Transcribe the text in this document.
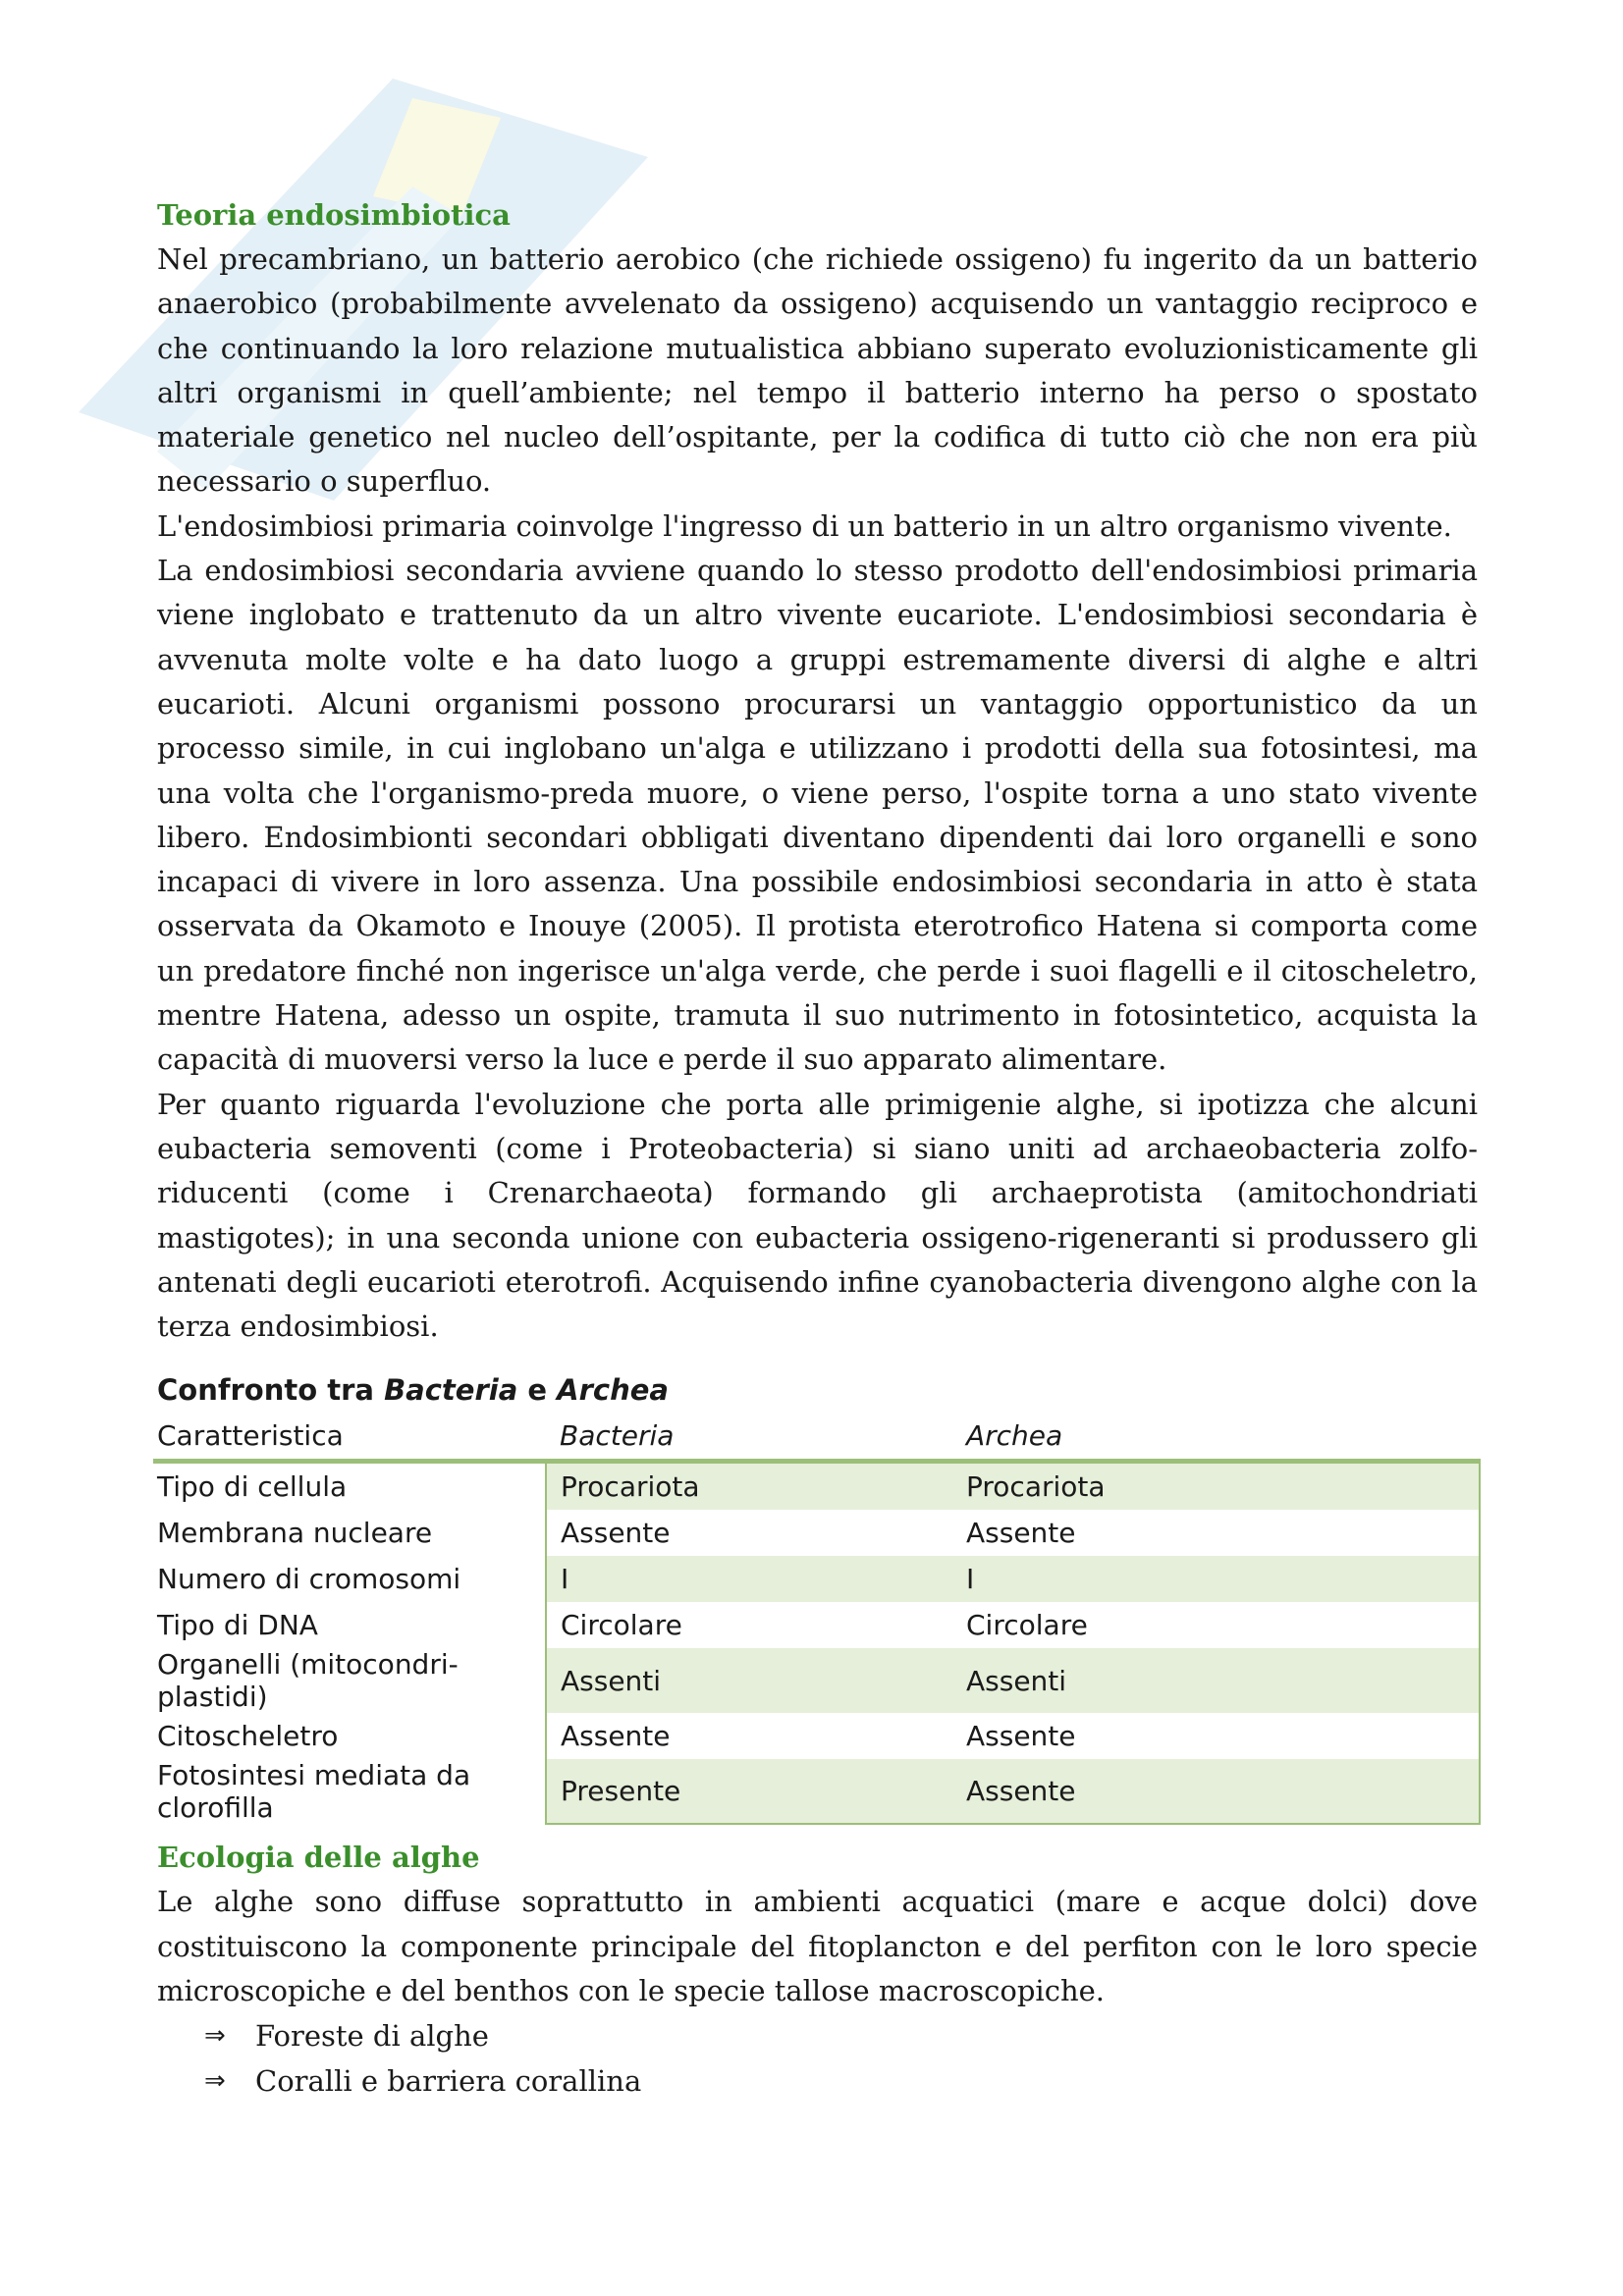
Teoria endosimbiotica

Nel precambriano, un batterio aerobico (che richiede ossigeno) fu ingerito da un batterio anaerobico (probabilmente avvelenato da ossigeno) acquisendo un vantaggio reciproco e che continuando la loro relazione mutualistica abbiano superato evoluzionisticamente gli altri organismi in quell’ambiente; nel tempo il batterio interno ha perso o spostato materiale genetico nel nucleo dell’ospitante, per la codifica di tutto ciò che non era più necessario o superfluo.

L'endosimbiosi primaria coinvolge l'ingresso di un batterio in un altro organismo vivente.

La endosimbiosi secondaria avviene quando lo stesso prodotto dell'endosimbiosi primaria viene inglobato e trattenuto da un altro vivente eucariote. L'endosimbiosi secondaria è avvenuta molte volte e ha dato luogo a gruppi estremamente diversi di alghe e altri eucarioti. Alcuni organismi possono procurarsi un vantaggio opportunistico da un processo simile, in cui inglobano un'alga e utilizzano i prodotti della sua fotosintesi, ma una volta che l'organismo-preda muore, o viene perso, l'ospite torna a uno stato vivente libero. Endosimbionti secondari obbligati diventano dipendenti dai loro organelli e sono incapaci di vivere in loro assenza. Una possibile endosimbiosi secondaria in atto è stata osservata da Okamoto e Inouye (2005). Il protista eterotrofico Hatena si comporta come un predatore finché non ingerisce un'alga verde, che perde i suoi flagelli e il citoscheletro, mentre Hatena, adesso un ospite, tramuta il suo nutrimento in fotosintetico, acquista la capacità di muoversi verso la luce e perde il suo apparato alimentare.

Per quanto riguarda l'evoluzione che porta alle primigenie alghe, si ipotizza che alcuni eubacteria semoventi (come i Proteobacteria) si siano uniti ad archaeobacteria zolfo-riducenti (come i Crenarchaeota) formando gli archaeprotista (amitochondriati mastigotes); in una seconda unione con eubacteria ossigeno-rigeneranti si produssero gli antenati degli eucarioti eterotrofi. Acquisendo infine cyanobacteria divengono alghe con la terza endosimbiosi.

Confronto tra Bacteria e Archea
Caratteristica	Bacteria	Archea
Tipo di cellula	Procariota	Procariota
Membrana nucleare	Assente	Assente
Numero di cromosomi	I	I
Tipo di DNA	Circolare	Circolare
Organelli (mitocondri-plastidi)	Assenti	Assenti
Citoscheletro	Assente	Assente
Fotosintesi mediata da clorofilla	Presente	Assente
Ecologia delle alghe

Le alghe sono diffuse soprattutto in ambienti acquatici (mare e acque dolci) dove costituiscono la componente principale del fitoplancton e del perfiton con le loro specie microscopiche e del benthos con le specie tallose macroscopiche.

⇒	Foreste di alghe
⇒	Coralli e barriera corallina
